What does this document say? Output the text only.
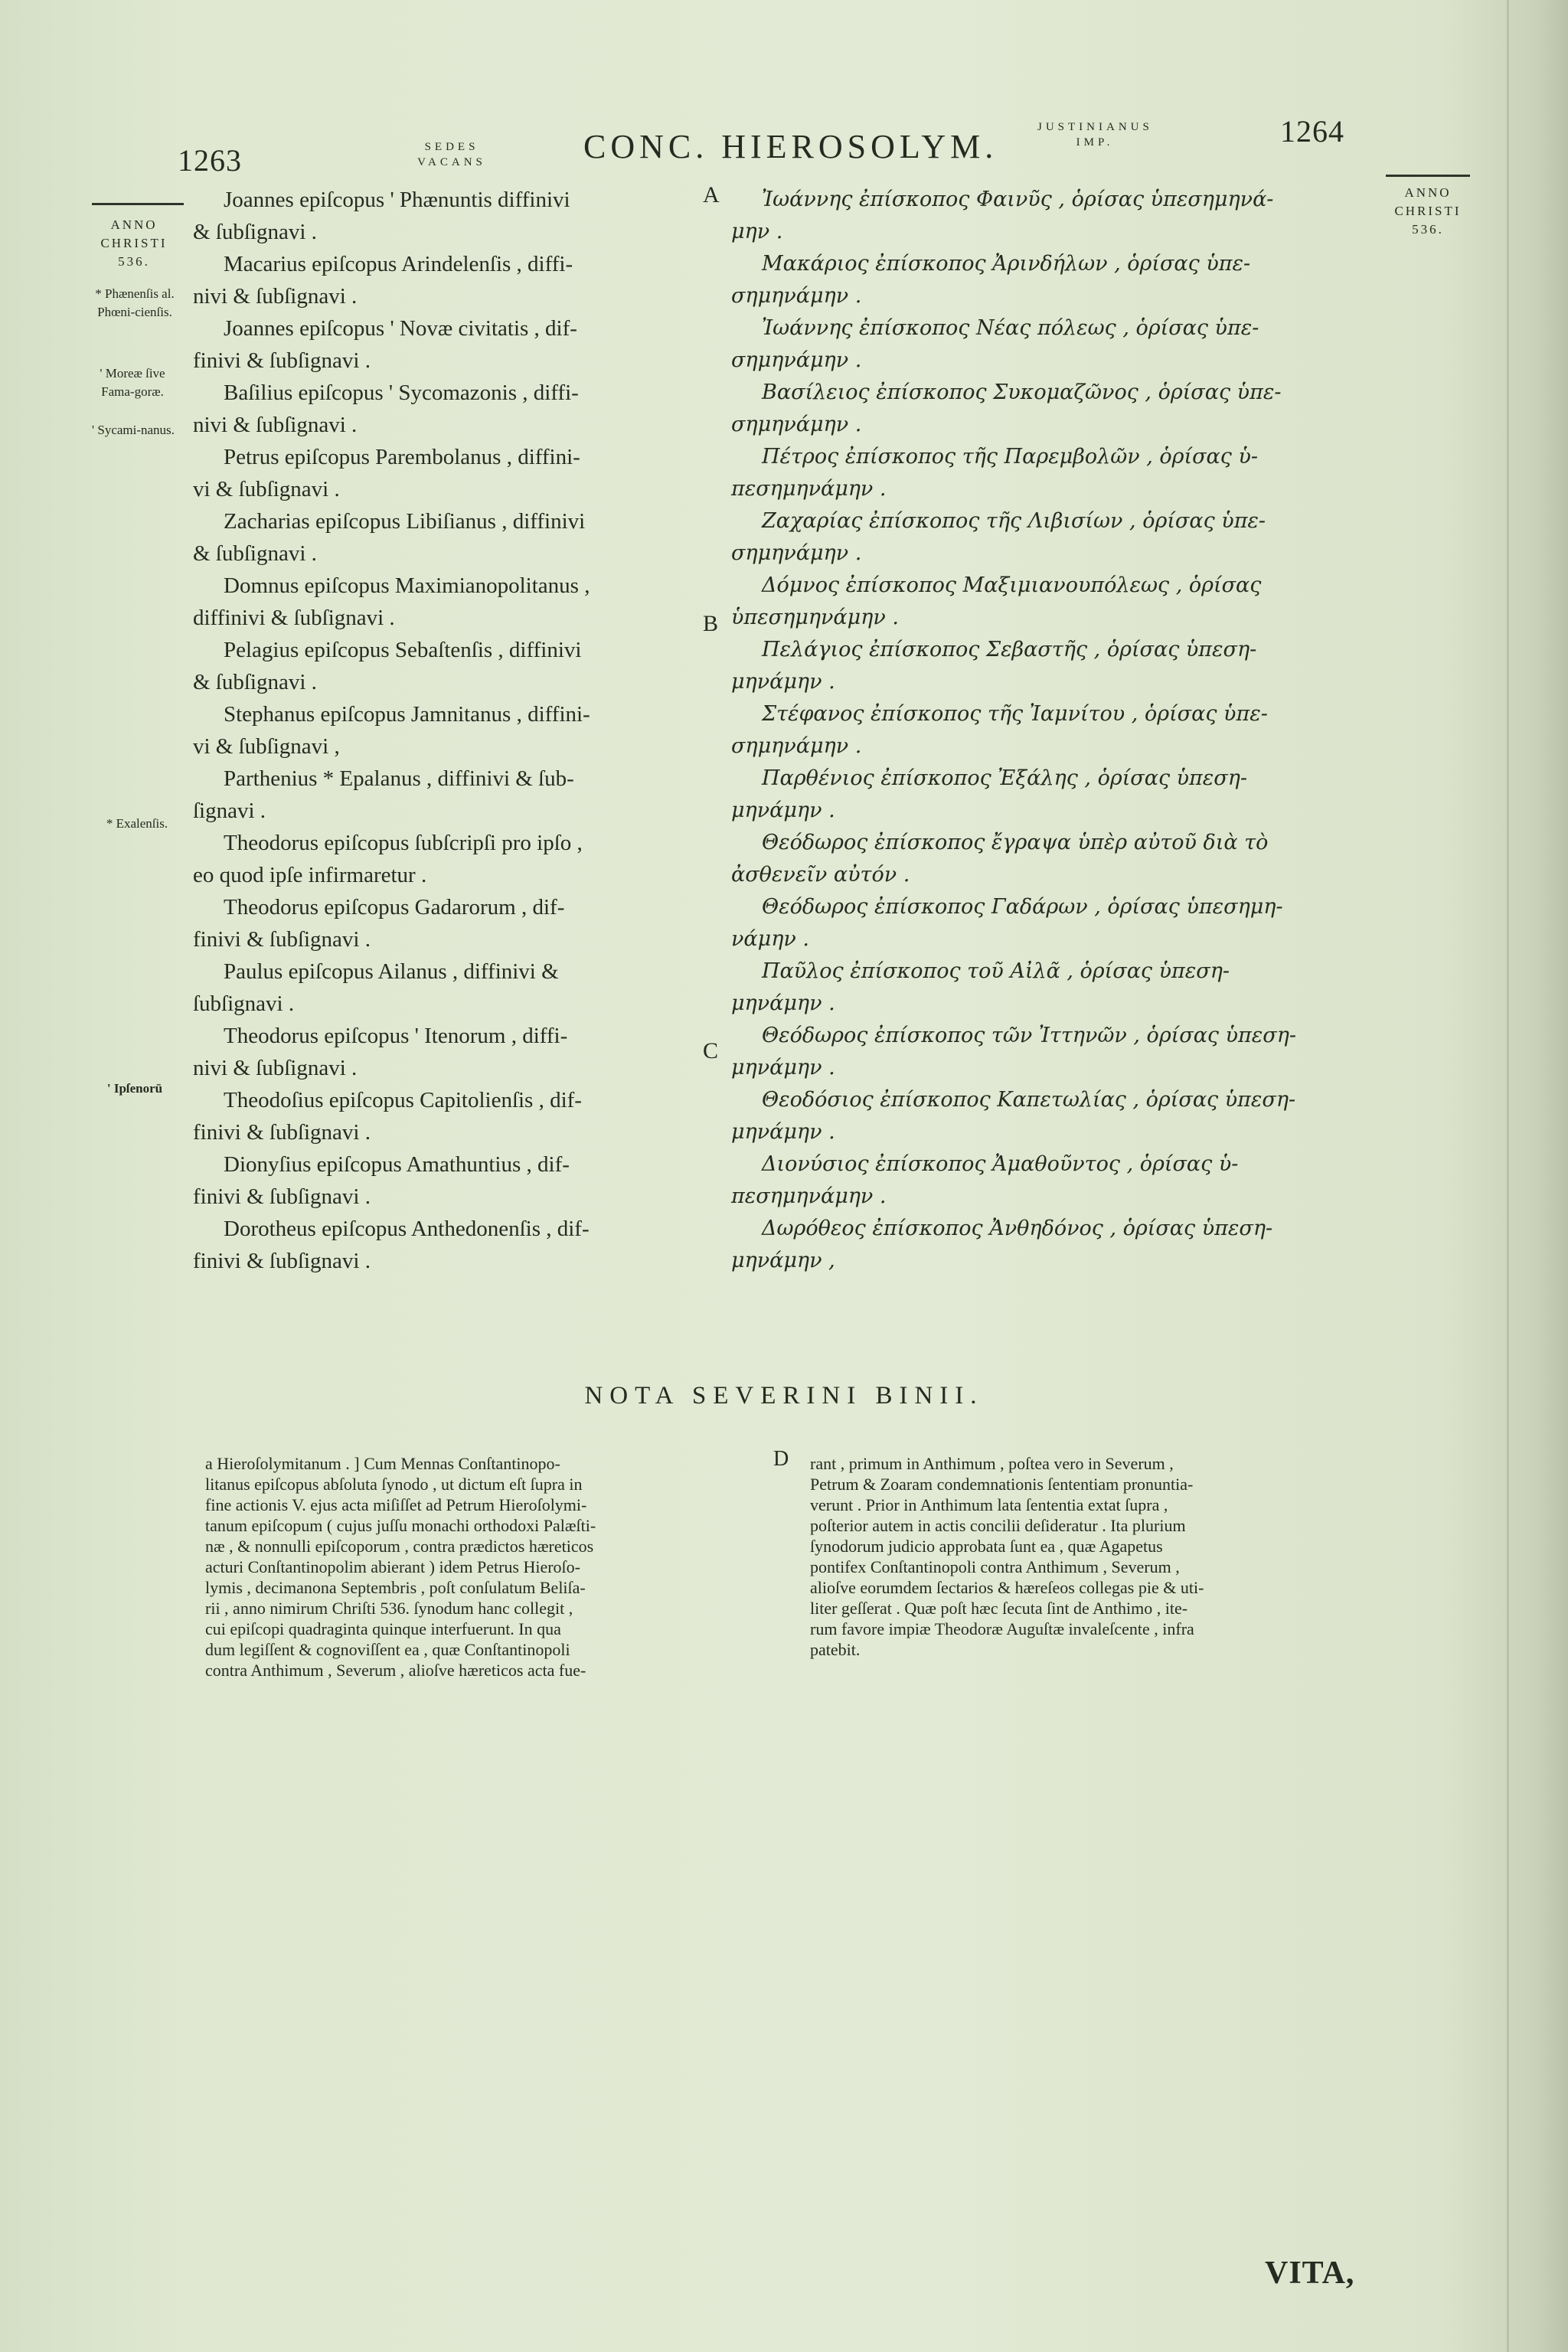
1263	SEDES
VACANS	CONC. HIEROSOLYM.
JUSTINIANUS
IMP.	1264
ANNO
CHRISTI
536.
* Phænenſis al. Phœni-cienſis.
' Moreæ ſive Fama-goræ.
' Sycami-nanus.
* Exalenſis.
' Ipſenorū
ANNO
CHRISTI
536.
A
B
C
D
Joannes epiſcopus ' Phænuntis diffinivi
& ſubſignavi .
Macarius epiſcopus Arindelenſis , diffi-
nivi & ſubſignavi .
Joannes epiſcopus ' Novæ civitatis , dif-
finivi & ſubſignavi .
Baſilius epiſcopus ' Sycomazonis , diffi-
nivi & ſubſignavi .
Petrus epiſcopus Parembolanus , diffini-
vi & ſubſignavi .
Zacharias epiſcopus Libiſianus , diffinivi
& ſubſignavi .
Domnus epiſcopus Maximianopolitanus ,
diffinivi & ſubſignavi .
Pelagius epiſcopus Sebaſtenſis , diffinivi
& ſubſignavi .
Stephanus epiſcopus Jamnitanus , diffini-
vi & ſubſignavi ,
Parthenius * Epalanus , diffinivi & ſub-
ſignavi .
Theodorus epiſcopus ſubſcripſi pro ipſo ,
eo quod ipſe infirmaretur .
Theodorus epiſcopus Gadarorum , dif-
finivi & ſubſignavi .
Paulus epiſcopus Ailanus , diffinivi &
ſubſignavi .
Theodorus epiſcopus ' Itenorum , diffi-
nivi & ſubſignavi .
Theodoſius epiſcopus Capitolienſis , dif-
finivi & ſubſignavi .
Dionyſius epiſcopus Amathuntius , dif-
finivi & ſubſignavi .
Dorotheus epiſcopus Anthedonenſis , dif-
finivi & ſubſignavi .
Ἰωάννης ἐπίσκοπος Φαινῦς , ὁρίσας ὑπεσημηνά-
μην .
Μακάριος ἐπίσκοπος Ἀρινδήλων , ὁρίσας ὑπε-
σημηνάμην .
Ἰωάννης ἐπίσκοπος Νέας πόλεως , ὁρίσας ὑπε-
σημηνάμην .
Βασίλειος ἐπίσκοπος Συκομαζῶνος , ὁρίσας ὑπε-
σημηνάμην .
Πέτρος ἐπίσκοπος τῆς Παρεμβολῶν , ὁρίσας ὑ-
πεσημηνάμην .
Ζαχαρίας ἐπίσκοπος τῆς Λιβισίων , ὁρίσας ὑπε-
σημηνάμην .
Δόμνος ἐπίσκοπος Μαξιμιανουπόλεως , ὁρίσας
ὑπεσημηνάμην .
Πελάγιος ἐπίσκοπος Σεβαστῆς , ὁρίσας ὑπεση-
μηνάμην .
Στέφανος ἐπίσκοπος τῆς Ἰαμνίτου , ὁρίσας ὑπε-
σημηνάμην .
Παρθένιος ἐπίσκοπος Ἐξάλης , ὁρίσας ὑπεση-
μηνάμην .
Θεόδωρος ἐπίσκοπος ἔγραψα ὑπὲρ αὐτοῦ διὰ τὸ
ἀσθενεῖν αὐτόν .
Θεόδωρος ἐπίσκοπος Γαδάρων , ὁρίσας ὑπεσημη-
νάμην .
Παῦλος ἐπίσκοπος τοῦ Αἰλᾶ , ὁρίσας ὑπεση-
μηνάμην .
Θεόδωρος ἐπίσκοπος τῶν Ἰττηνῶν , ὁρίσας ὑπεση-
μηνάμην .
Θεοδόσιος ἐπίσκοπος Καπετωλίας , ὁρίσας ὑπεση-
μηνάμην .
Διονύσιος ἐπίσκοπος Ἀμαθοῦντος , ὁρίσας ὑ-
πεσημηνάμην .
Δωρόθεος ἐπίσκοπος Ἀνθηδόνος , ὁρίσας ὑπεση-
μηνάμην ,
NOTA SEVERINI BINII.
a Hieroſolymitanum . ] Cum Mennas Conſtantinopo-
litanus epiſcopus abſoluta ſynodo , ut dictum eſt ſupra in
fine actionis V. ejus acta miſiſſet ad Petrum Hieroſolymi-
tanum epiſcopum ( cujus juſſu monachi orthodoxi Palæſti-
næ , & nonnulli epiſcoporum , contra prædictos hæreticos
acturi Conſtantinopolim abierant ) idem Petrus Hieroſo-
lymis , decimanona Septembris , poſt conſulatum Beliſa-
rii , anno nimirum Chriſti 536. ſynodum hanc collegit ,
cui epiſcopi quadraginta quinque interfuerunt. In qua
dum legiſſent & cognoviſſent ea , quæ Conſtantinopoli
contra Anthimum , Severum , alioſve hæreticos acta fue-
rant , primum in Anthimum , poſtea vero in Severum ,
Petrum & Zoaram condemnationis ſententiam pronuntia-
verunt . Prior in Anthimum lata ſententia extat ſupra ,
poſterior autem in actis concilii deſideratur . Ita plurium
ſynodorum judicio approbata ſunt ea , quæ Agapetus
pontifex Conſtantinopoli contra Anthimum , Severum ,
alioſve eorumdem ſectarios & hæreſeos collegas pie & uti-
liter geſſerat . Quæ poſt hæc ſecuta ſint de Anthimo , ite-
rum favore impiæ Theodoræ Auguſtæ invaleſcente , infra
patebit.
VITA,
